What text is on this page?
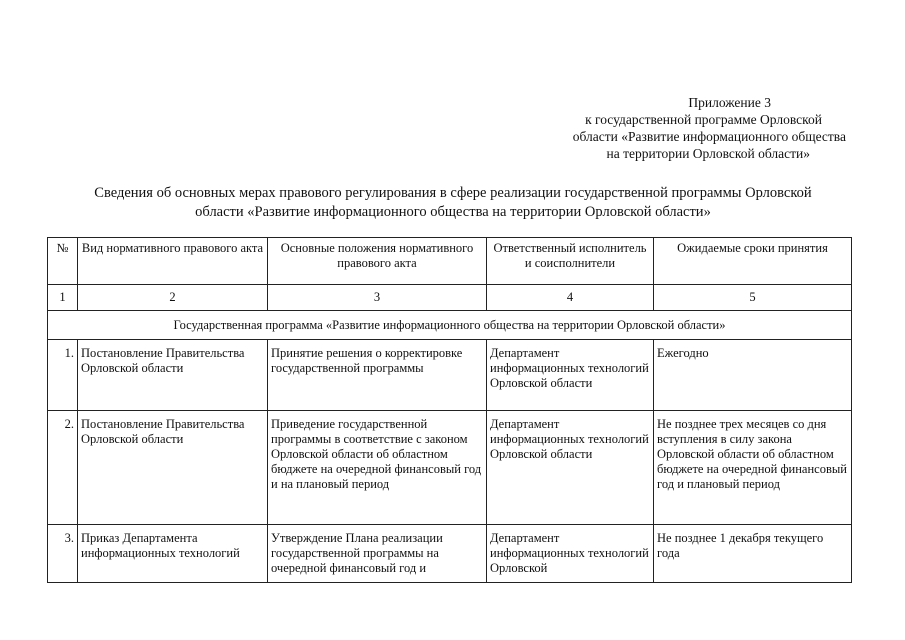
Приложение 3
к государственной программе Орловской
области «Развитие информационного общества
на территории Орловской области»
Сведения об основных мерах правового регулирования в сфере реализации государственной программы Орловской
области «Развитие информационного общества на территории Орловской области»
№	Вид нормативного правового акта	Основные положения нормативного правового акта	Ответственный исполнитель и соисполнители	Ожидаемые сроки принятия
1	2	3	4	5
Государственная программа «Развитие информационного общества на территории Орловской области»				
1.	Постановление Правительства Орловской области	Принятие решения о корректировке государственной программы	Департамент информационных технологий Орловской области	Ежегодно
2.	Постановление Правительства Орловской области	Приведение государственной программы в соответствие с законом Орловской области об областном бюджете на очередной финансовый год и на плановый период	Департамент информационных технологий Орловской области	Не позднее трех месяцев со дня вступления в силу закона Орловской области об областном бюджете на очередной финансовый год и плановый период
3.	Приказ Департамента информационных технологий	Утверждение Плана реализации государственной программы на очередной финансовый год и	Департамент информационных технологий Орловской	Не позднее 1 декабря текущего года
